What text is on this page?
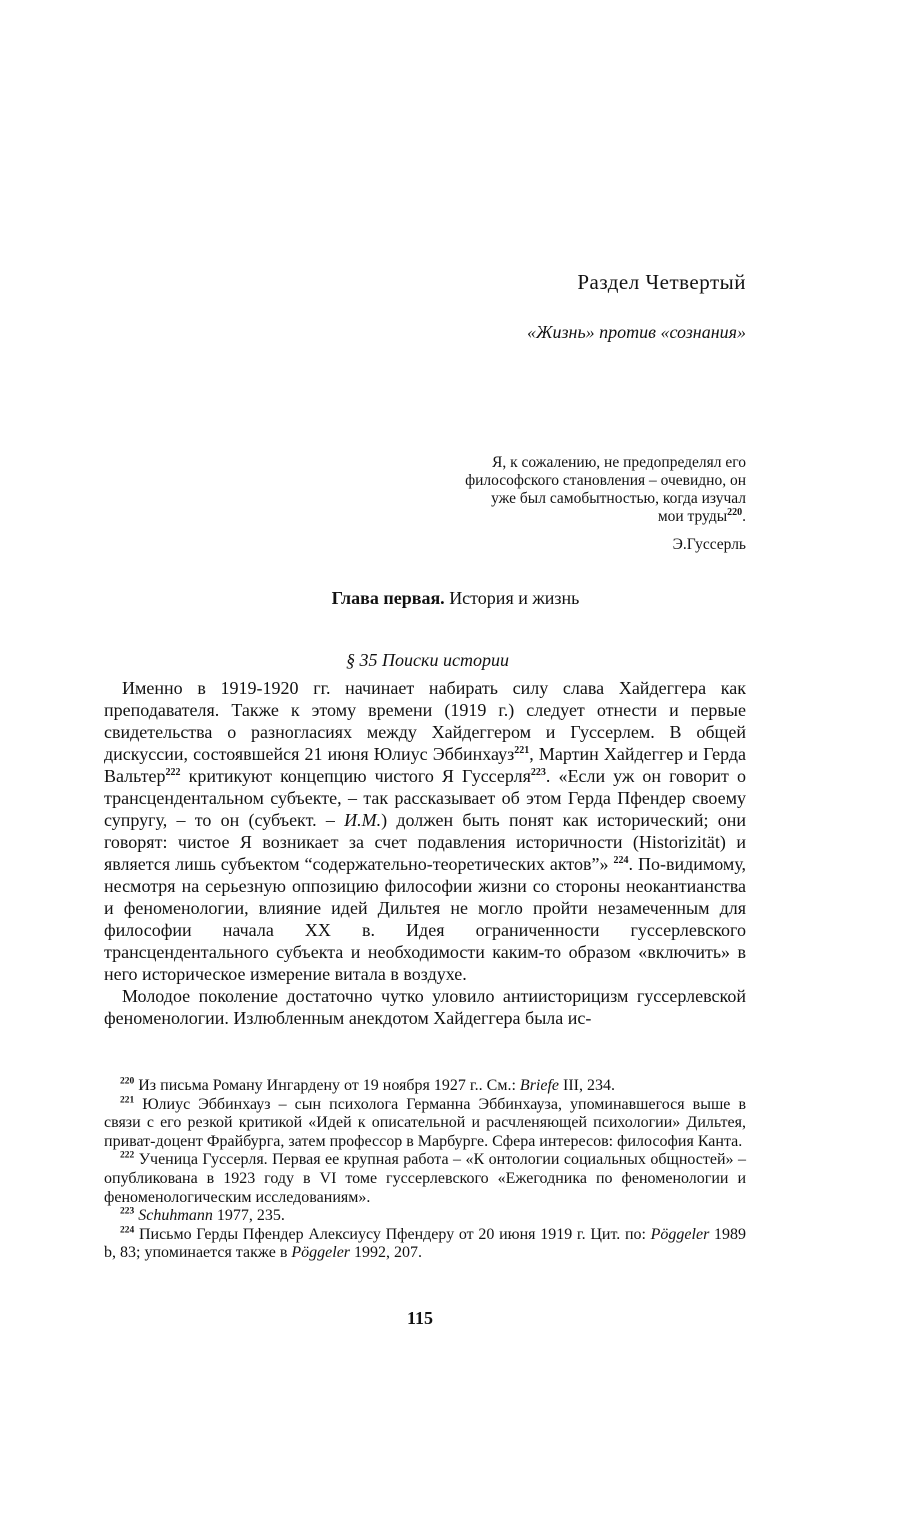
Раздел Четвертый
«Жизнь» против «сознания»
Я, к сожалению, не предопределял его
философского становления – очевидно, он
уже был самобытностью, когда изучал
мои труды$^{220}$.
Э.Гуссерль
Глава первая. История и жизнь
§ 35 Поиски истории

Именно в 1919-1920 гг. начинает набирать силу слава Хайдеггера как преподавателя. Также к этому времени (1919 г.) следует отнести и первые свидетельства о разногласиях между Хайдеггером и Гуссерлем. В общей дискуссии, состоявшейся 21 июня Юлиус Эббинхауз$^{221}$, Мартин Хайдеггер и Герда Вальтер$^{222}$ критикуют концепцию чистого Я Гуссерля$^{223}$. «Если уж он говорит о трансцендентальном субъекте, – так рассказывает об этом Герда Пфендер своему супругу, – то он (субъект. – И.М.) должен быть понят как исторический; они говорят: чистое Я возникает за счет подавления историчности (Historizität) и является лишь субъектом “содержательно-теоретических актов”» $^{224}$. По-видимому, несмотря на серьезную оппозицию философии жизни со стороны неокантианства и феноменологии, влияние идей Дильтея не могло пройти незамеченным для философии начала XX в. Идея ограниченности гуссерлевского трансцендентального субъекта и необходимости каким-то образом «включить» в него историческое измерение витала в воздухе.

Молодое поколение достаточно чутко уловило антиисторицизм гуссерлевской феноменологии. Излюбленным анекдотом Хайдеггера была ис-

$^{220}$ Из письма Роману Ингардену от 19 ноября 1927 г.. См.: Briefe III, 234.

$^{221}$ Юлиус Эббинхауз – сын психолога Германна Эббинхауза, упоминавшегося выше в связи с его резкой критикой «Идей к описательной и расчленяющей психологии» Дильтея, приват-доцент Фрайбурга, затем профессор в Марбурге. Сфера интересов: философия Канта.

$^{222}$ Ученица Гуссерля. Первая ее крупная работа – «К онтологии социальных общностей» – опубликована в 1923 году в VI томе гуссерлевского «Ежегодника по феноменологии и феноменологическим исследованиям».

$^{223}$ Schuhmann 1977, 235.

$^{224}$ Письмо Герды Пфендер Алексиусу Пфендеру от 20 июня 1919 г. Цит. по: Pöggeler 1989 b, 83; упоминается также в Pöggeler 1992, 207.

115
